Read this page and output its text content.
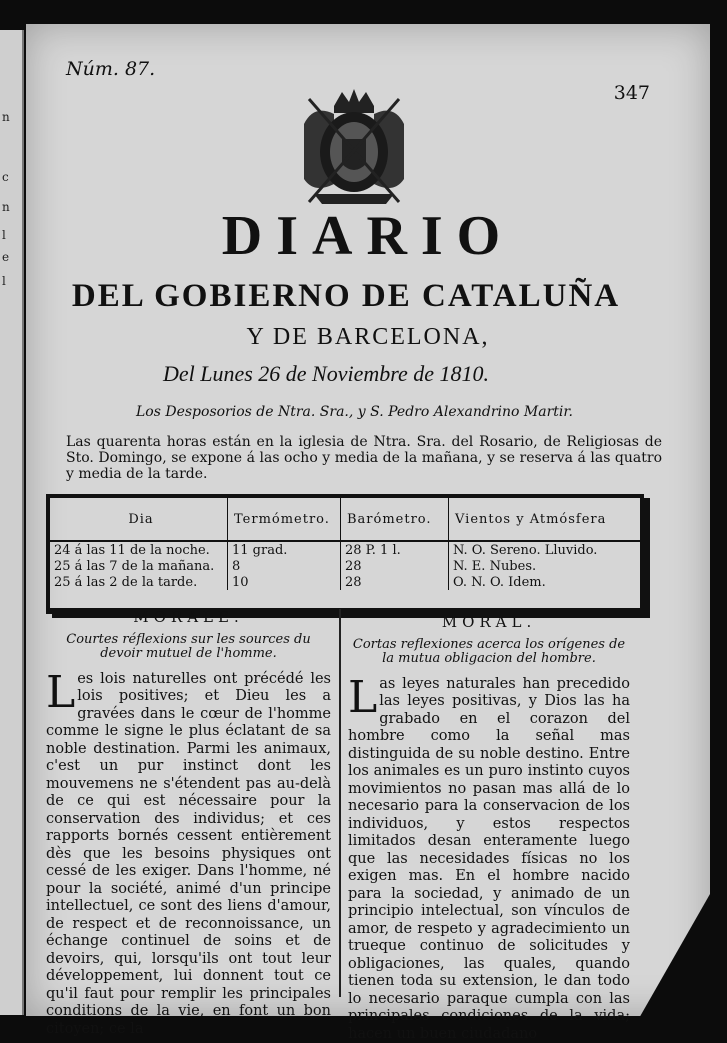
n
c
n
l
e
l
Núm. 87.
347
DIARIO
DEL GOBIERNO DE CATALUÑA
Y DE BARCELONA,
Del Lunes 26 de Noviembre de 1810.
Los Desposorios de Ntra. Sra., y S. Pedro Alexandrino Martir.
Las quarenta horas están en la iglesia de Ntra. Sra. del Rosario, de Religiosas de Sto. Domingo, se expone á las ocho y media de la mañana, y se reserva á las quatro y media de la tarde.
Dia	Termómetro.	Barómetro.	Vientos y Atmósfera
24 á las 11 de la noche.	11 grad.	28 P. 1 l.	N. O. Sereno. Lluvido.
25 á las 7 de la mañana.	8	28	N. E. Nubes.
25 á las 2 de la tarde.	10	28	O. N. O. Idem.
MORALE.
Courtes réflexions sur les sources du devoir mutuel de l'homme.
L es lois naturelles ont précédé les lois positives; et Dieu les a gravées dans le cœur de l'homme comme le signe le plus éclatant de sa noble destination. Parmi les animaux, c'est un pur instinct dont les mouvemens ne s'étendent pas au-delà de ce qui est nécessaire pour la conservation des individus; et ces rapports bornés cessent entièrement dès que les besoins physiques ont cessé de les exiger. Dans l'homme, né pour la société, animé d'un principe intellectuel, ce sont des liens d'amour, de respect et de reconnoissance, un échange continuel de soins et de devoirs, qui, lorsqu'ils ont tout leur développement, lui donnent tout ce qu'il faut pour remplir les principales conditions de la vie, en font un bon citoyen; ce la
MORAL.
Cortas reflexiones acerca los orígenes de la mutua obligacion del hombre.
L as leyes naturales han precedido las leyes positivas, y Dios las ha grabado en el corazon del hombre como la señal mas distinguida de su noble destino. Entre los animales es un puro instinto cuyos movimientos no pasan mas allá de lo necesario para la conservacion de los individuos, y estos respectos limitados desan enteramente luego que las necesidades físicas no los exigen mas. En el hombre nacido para la sociedad, y animado de un principio intelectual, son vínculos de amor, de respeto y agradecimiento un trueque continuo de solicitudes y obligaciones, las quales, quando tienen toda su extension, le dan todo lo necesario paraque cumpla con las principales condiciones de la vida; hacen un buen ciudadano
